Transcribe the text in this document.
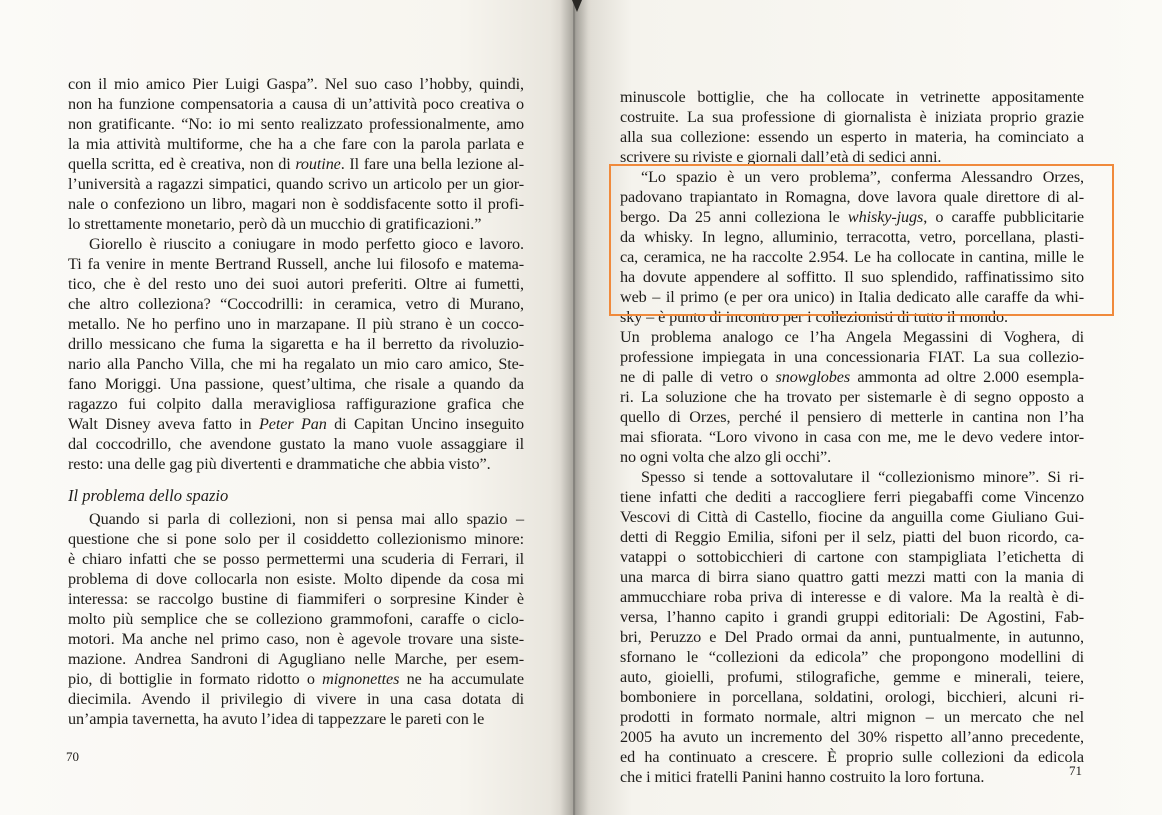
con il mio amico Pier Luigi Gaspa”. Nel suo caso l’hobby, quindi,
non ha funzione compensatoria a causa di un’attività poco creativa o
non gratificante. “No: io mi sento realizzato professionalmente, amo
la mia attività multiforme, che ha a che fare con la parola parlata e
quella scritta, ed è creativa, non di routine. Il fare una bella lezione al-
l’università a ragazzi simpatici, quando scrivo un articolo per un gior-
nale o confeziono un libro, magari non è soddisfacente sotto il profi-
lo strettamente monetario, però dà un mucchio di gratificazioni.”
Giorello è riuscito a coniugare in modo perfetto gioco e lavoro.
Ti fa venire in mente Bertrand Russell, anche lui filosofo e matema-
tico, che è del resto uno dei suoi autori preferiti. Oltre ai fumetti,
che altro colleziona? “Coccodrilli: in ceramica, vetro di Murano,
metallo. Ne ho perfino uno in marzapane. Il più strano è un cocco-
drillo messicano che fuma la sigaretta e ha il berretto da rivoluzio-
nario alla Pancho Villa, che mi ha regalato un mio caro amico, Ste-
fano Moriggi. Una passione, quest’ultima, che risale a quando da
ragazzo fui colpito dalla meravigliosa raffigurazione grafica che
Walt Disney aveva fatto in Peter Pan di Capitan Uncino inseguito
dal coccodrillo, che avendone gustato la mano vuole assaggiare il
resto: una delle gag più divertenti e drammatiche che abbia visto”.
Quando si parla di collezioni, non si pensa mai allo spazio –
questione che si pone solo per il cosiddetto collezionismo minore:
è chiaro infatti che se posso permettermi una scuderia di Ferrari, il
problema di dove collocarla non esiste. Molto dipende da cosa mi
interessa: se raccolgo bustine di fiammiferi o sorpresine Kinder è
molto più semplice che se colleziono grammofoni, caraffe o ciclo-
motori. Ma anche nel primo caso, non è agevole trovare una siste-
mazione. Andrea Sandroni di Agugliano nelle Marche, per esem-
pio, di bottiglie in formato ridotto o mignonettes ne ha accumulate
diecimila. Avendo il privilegio di vivere in una casa dotata di
un’ampia tavernetta, ha avuto l’idea di tappezzare le pareti con le
Il problema dello spazio
70
minuscole bottiglie, che ha collocate in vetrinette appositamente
costruite. La sua professione di giornalista è iniziata proprio grazie
alla sua collezione: essendo un esperto in materia, ha cominciato a
scrivere su riviste e giornali dall’età di sedici anni.
“Lo spazio è un vero problema”, conferma Alessandro Orzes,
padovano trapiantato in Romagna, dove lavora quale direttore di al-
bergo. Da 25 anni colleziona le whisky-jugs, o caraffe pubblicitarie
da whisky. In legno, alluminio, terracotta, vetro, porcellana, plasti-
ca, ceramica, ne ha raccolte 2.954. Le ha collocate in cantina, mille le
ha dovute appendere al soffitto. Il suo splendido, raffinatissimo sito
web – il primo (e per ora unico) in Italia dedicato alle caraffe da whi-
sky – è punto di incontro per i collezionisti di tutto il mondo.
Un problema analogo ce l’ha Angela Megassini di Voghera, di
professione impiegata in una concessionaria FIAT. La sua collezio-
ne di palle di vetro o snowglobes ammonta ad oltre 2.000 esempla-
ri. La soluzione che ha trovato per sistemarle è di segno opposto a
quello di Orzes, perché il pensiero di metterle in cantina non l’ha
mai sfiorata. “Loro vivono in casa con me, me le devo vedere intor-
no ogni volta che alzo gli occhi”.
Spesso si tende a sottovalutare il “collezionismo minore”. Si ri-
tiene infatti che dediti a raccogliere ferri piegabaffi come Vincenzo
Vescovi di Città di Castello, fiocine da anguilla come Giuliano Gui-
detti di Reggio Emilia, sifoni per il selz, piatti del buon ricordo, ca-
vatappi o sottobicchieri di cartone con stampigliata l’etichetta di
una marca di birra siano quattro gatti mezzi matti con la mania di
ammucchiare roba priva di interesse e di valore. Ma la realtà è di-
versa, l’hanno capito i grandi gruppi editoriali: De Agostini, Fab-
bri, Peruzzo e Del Prado ormai da anni, puntualmente, in autunno,
sfornano le “collezioni da edicola” che propongono modellini di
auto, gioielli, profumi, stilografiche, gemme e minerali, teiere,
bomboniere in porcellana, soldatini, orologi, bicchieri, alcuni ri-
prodotti in formato normale, altri mignon – un mercato che nel
2005 ha avuto un incremento del 30% rispetto all’anno precedente,
ed ha continuato a crescere. È proprio sulle collezioni da edicola
che i mitici fratelli Panini hanno costruito la loro fortuna.	71
